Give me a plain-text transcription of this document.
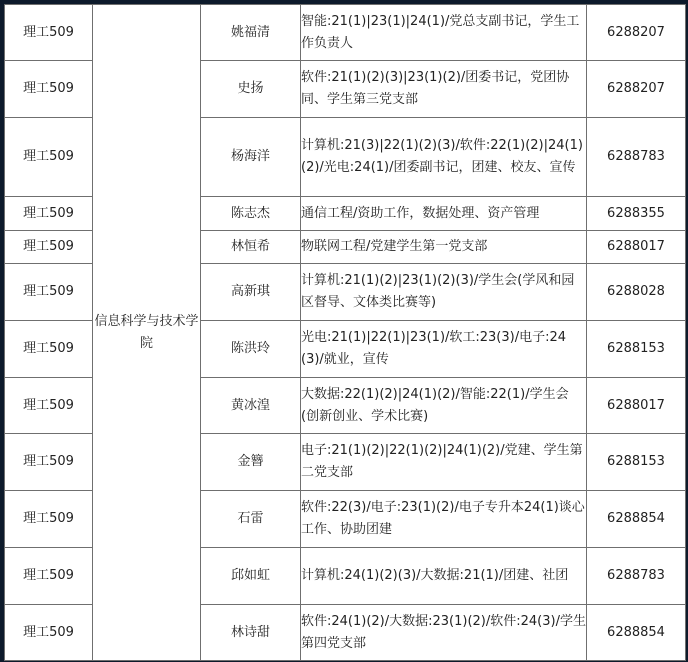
理工509	信息科学与技术学院	姚福清	智能:21(1)|23(1)|24(1)/党总支副书记，学生工作负责人	6288207
理工509		史扬	软件:21(1)(2)(3)|23(1)(2)/团委书记，党团协同、学生第三党支部	6288207
理工509		杨海洋	计算机:21(3)|22(1)(2)(3)/软件:22(1)(2)|24(1)(2)/光电:24(1)/团委副书记，团建、校友、宣传	6288783
理工509		陈志杰	通信工程/资助工作，数据处理、资产管理	6288355
理工509		林恒希	物联网工程/党建学生第一党支部	6288017
理工509		高新琪	计算机:21(1)(2)|23(1)(2)(3)/学生会(学风和园区督导、文体类比赛等)	6288028
理工509		陈洪玲	光电:21(1)|22(1)|23(1)/软工:23(3)/电子:24(3)/就业，宣传	6288153
理工509		黄冰湟	大数据:22(1)(2)|24(1)(2)/智能:22(1)/学生会(创新创业、学术比赛)	6288017
理工509		金簪	电子:21(1)(2)|22(1)(2)|24(1)(2)/党建、学生第二党支部	6288153
理工509		石雷	软件:22(3)/电子:23(1)(2)/电子专升本24(1)谈心工作、协助团建	6288854
理工509		邱如虹	计算机:24(1)(2)(3)/大数据:21(1)/团建、社团	6288783
理工509		林诗甜	软件:24(1)(2)/大数据:23(1)(2)/软件:24(3)/学生第四党支部	6288854
